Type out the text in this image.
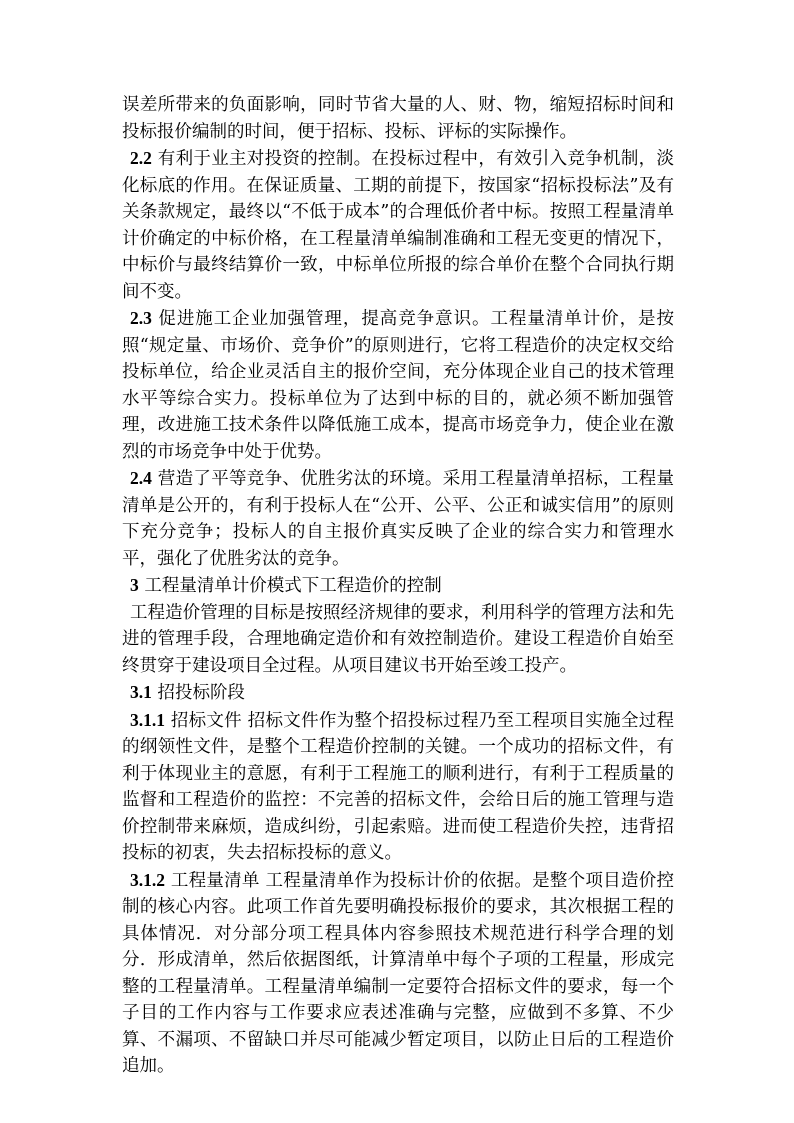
误差所带来的负面影响，同时节省大量的人、财、物，缩短招标时间和投标报价编制的时间，便于招标、投标、评标的实际操作。

2.2 有利于业主对投资的控制。在投标过程中，有效引入竞争机制，淡化标底的作用。在保证质量、工期的前提下，按国家“招标投标法”及有关条款规定，最终以“不低于成本”的合理低价者中标。按照工程量清单计价确定的中标价格，在工程量清单编制准确和工程无变更的情况下，中标价与最终结算价一致，中标单位所报的综合单价在整个合同执行期间不变。

2.3 促进施工企业加强管理，提高竞争意识。工程量清单计价，是按照“规定量、市场价、竞争价”的原则进行，它将工程造价的决定权交给投标单位，给企业灵活自主的报价空间，充分体现企业自己的技术管理水平等综合实力。投标单位为了达到中标的目的，就必须不断加强管理，改进施工技术条件以降低施工成本，提高市场竞争力，使企业在激烈的市场竞争中处于优势。

2.4 营造了平等竞争、优胜劣汰的环境。采用工程量清单招标，工程量清单是公开的，有利于投标人在“公开、公平、公正和诚实信用”的原则下充分竞争；投标人的自主报价真实反映了企业的综合实力和管理水平，强化了优胜劣汰的竞争。

3 工程量清单计价模式下工程造价的控制

工程造价管理的目标是按照经济规律的要求，利用科学的管理方法和先进的管理手段，合理地确定造价和有效控制造价。建设工程造价自始至终贯穿于建设项目全过程。从项目建议书开始至竣工投产。

3.1 招投标阶段

3.1.1 招标文件 招标文件作为整个招投标过程乃至工程项目实施全过程的纲领性文件，是整个工程造价控制的关键。一个成功的招标文件，有利于体现业主的意愿，有利于工程施工的顺利进行，有利于工程质量的监督和工程造价的监控：不完善的招标文件，会给日后的施工管理与造价控制带来麻烦，造成纠纷，引起索赔。进而使工程造价失控，违背招投标的初衷，失去招标投标的意义。

3.1.2 工程量清单 工程量清单作为投标计价的依据。是整个项目造价控制的核心内容。此项工作首先要明确投标报价的要求，其次根据工程的具体情况．对分部分项工程具体内容参照技术规范进行科学合理的划分．形成清单，然后依据图纸，计算清单中每个子项的工程量，形成完整的工程量清单。工程量清单编制一定要符合招标文件的要求，每一个子目的工作内容与工作要求应表述准确与完整，应做到不多算、不少算、不漏项、不留缺口并尽可能减少暂定项目，以防止日后的工程造价追加。
